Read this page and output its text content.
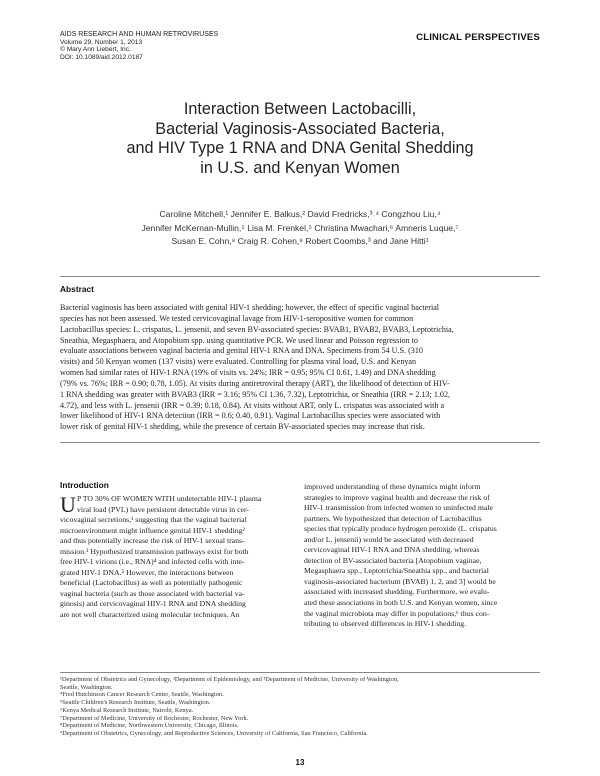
AIDS RESEARCH AND HUMAN RETROVIRUSES
Volume 29, Number 1, 2013
© Mary Ann Liebert, Inc.
DOI: 10.1089/aid.2012.0187
CLINICAL PERSPECTIVES
Interaction Between Lactobacilli,
Bacterial Vaginosis-Associated Bacteria,
and HIV Type 1 RNA and DNA Genital Shedding
in U.S. and Kenyan Women
Caroline Mitchell,¹ Jennifer E. Balkus,² David Fredricks,³˒⁴ Congzhou Liu,⁴
Jennifer McKernan-Mullin,⁵ Lisa M. Frenkel,⁵ Christina Mwachari,⁶ Amneris Luque,⁷
Susan E. Cohn,⁸ Craig R. Cohen,⁹ Robert Coombs,³ and Jane Hitti¹
Abstract

Bacterial vaginosis has been associated with genital HIV-1 shedding; however, the effect of specific vaginal bacterial
species has not been assessed. We tested cervicovaginal lavage from HIV-1-seropositive women for common
Lactobacillus species: L. crispatus, L. jensenii, and seven BV-associated species: BVAB1, BVAB2, BVAB3, Leptotrichia,
Sneathia, Megasphaera, and Atopobium spp. using quantitative PCR. We used linear and Poisson regression to
evaluate associations between vaginal bacteria and genital HIV-1 RNA and DNA. Specimens from 54 U.S. (310
visits) and 50 Kenyan women (137 visits) were evaluated. Controlling for plasma viral load, U.S. and Kenyan
women had similar rates of HIV-1 RNA (19% of visits vs. 24%; IRR = 0.95; 95% CI 0.61, 1.49) and DNA shedding
(79% vs. 76%; IRR = 0.90; 0.78, 1.05). At visits during antiretroviral therapy (ART), the likelihood of detection of HIV-
1 RNA shedding was greater with BVAB3 (IRR = 3.16; 95% CI 1.36, 7.32), Leptotrichia, or Sneathia (IRR = 2.13; 1.02,
4.72), and less with L. jensenii (IRR = 0.39; 0.18, 0.84). At visits without ART, only L. crispatus was associated with a
lower likelihood of HIV-1 RNA detection (IRR = 0.6; 0.40, 0.91). Vaginal Lactobacillus species were associated with
lower risk of genital HIV-1 shedding, while the presence of certain BV-associated species may increase that risk.

Introduction
U P TO 30% OF WOMEN WITH undetectable HIV-1 plasma
viral load (PVL) have persistent detectable virus in cer-
vicovaginal secretions,¹ suggesting that the vaginal bacterial
microenvironment might influence genital HIV-1 shedding²
and thus potentially increase the risk of HIV-1 sexual trans-
mission.³ Hypothesized transmission pathways exist for both
free HIV-1 virions (i.e., RNA)⁴ and infected cells with inte-
grated HIV-1 DNA.⁵ However, the interactions between
beneficial (Lactobacillus) as well as potentially pathogenic
vaginal bacteria (such as those associated with bacterial va-
ginosis) and cervicovaginal HIV-1 RNA and DNA shedding
are not well characterized using molecular techniques. An
improved understanding of these dynamics might inform
strategies to improve vaginal health and decrease the risk of
HIV-1 transmission from infected women to uninfected male
partners. We hypothesized that detection of Lactobacillus
species that typically produce hydrogen peroxide (L. crispatus
and/or L. jensenii) would be associated with decreased
cervicovaginal HIV-1 RNA and DNA shedding, whereas
detection of BV-associated bacteria [Atopobium vaginae,
Megasphaera spp., Leptotrichia/Sneathia spp., and bacterial
vaginosis-associated bacterium (BVAB) 1, 2, and 3] would be
associated with increased shedding. Furthermore, we evalu-
ated these associations in both U.S. and Kenyan women, since
the vaginal microbiota may differ in populations,⁶ thus con-
tributing to observed differences in HIV-1 shedding.
¹Department of Obstetrics and Gynecology, ²Department of Epidemiology, and ³Department of Medicine, University of Washington,
Seattle, Washington.
⁴Fred Hutchinson Cancer Research Center, Seattle, Washington.
⁵Seattle Children's Research Institute, Seattle, Washington.
⁶Kenya Medical Research Institute, Nairobi, Kenya.
⁷Department of Medicine, University of Rochester, Rochester, New York.
⁸Department of Medicine, Northwestern University, Chicago, Illinois.
⁹Department of Obstetrics, Gynecology, and Reproductive Sciences, University of California, San Francisco, California.
13
